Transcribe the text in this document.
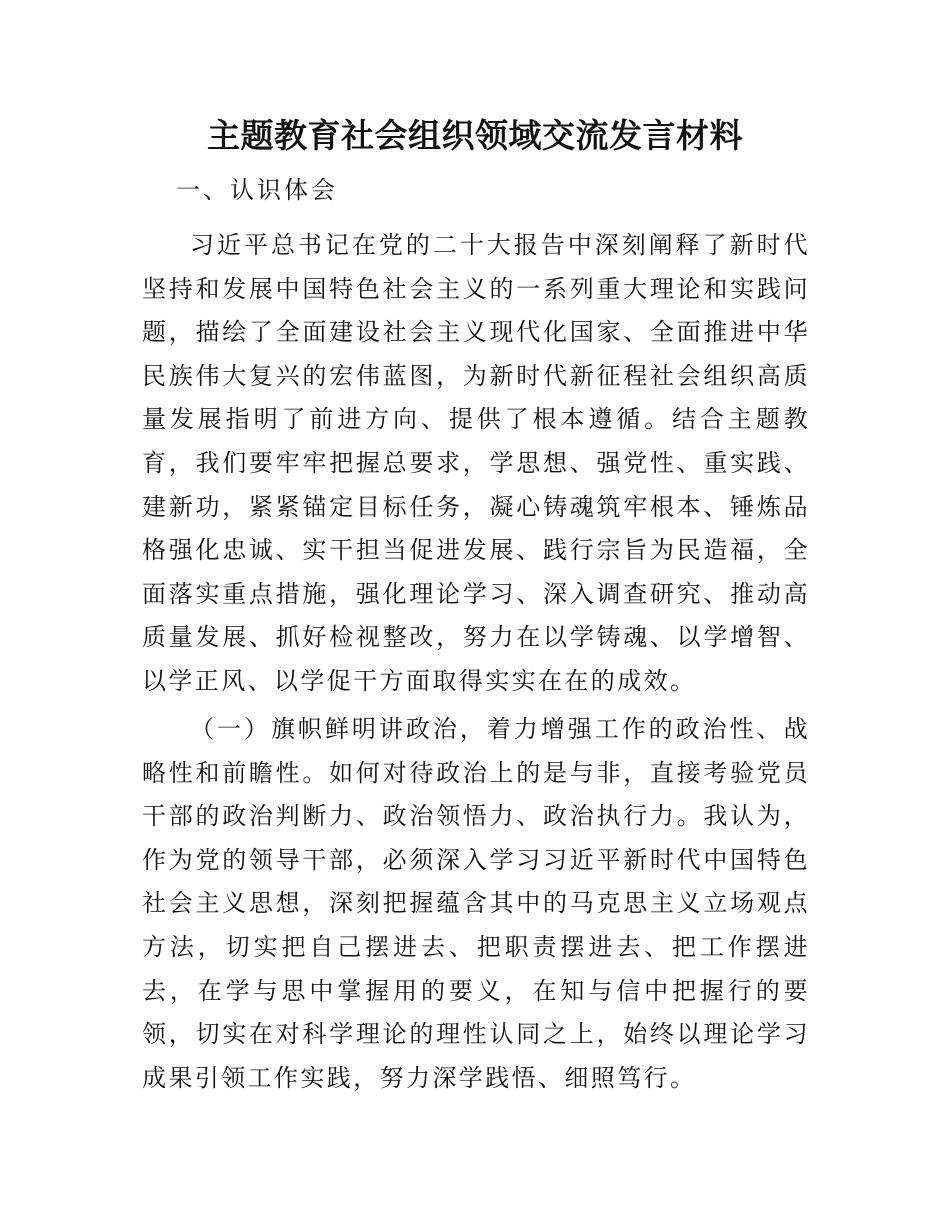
主题教育社会组织领域交流发言材料

一、认识体会

习近平总书记在党的二十大报告中深刻阐释了新时代坚持和发展中国特色社会主义的一系列重大理论和实践问题，描绘了全面建设社会主义现代化国家、全面推进中华民族伟大复兴的宏伟蓝图，为新时代新征程社会组织高质量发展指明了前进方向、提供了根本遵循。结合主题教育，我们要牢牢把握总要求，学思想、强党性、重实践、建新功，紧紧锚定目标任务，凝心铸魂筑牢根本、锤炼品格强化忠诚、实干担当促进发展、践行宗旨为民造福，全面落实重点措施，强化理论学习、深入调查研究、推动高质量发展、抓好检视整改，努力在以学铸魂、以学增智、以学正风、以学促干方面取得实实在在的成效。

（一）旗帜鲜明讲政治，着力增强工作的政治性、战略性和前瞻性。如何对待政治上的是与非，直接考验党员干部的政治判断力、政治领悟力、政治执行力。我认为，作为党的领导干部，必须深入学习习近平新时代中国特色社会主义思想，深刻把握蕴含其中的马克思主义立场观点方法，切实把自己摆进去、把职责摆进去、把工作摆进去，在学与思中掌握用的要义，在知与信中把握行的要领，切实在对科学理论的理性认同之上，始终以理论学习成果引领工作实践，努力深学践悟、细照笃行。
